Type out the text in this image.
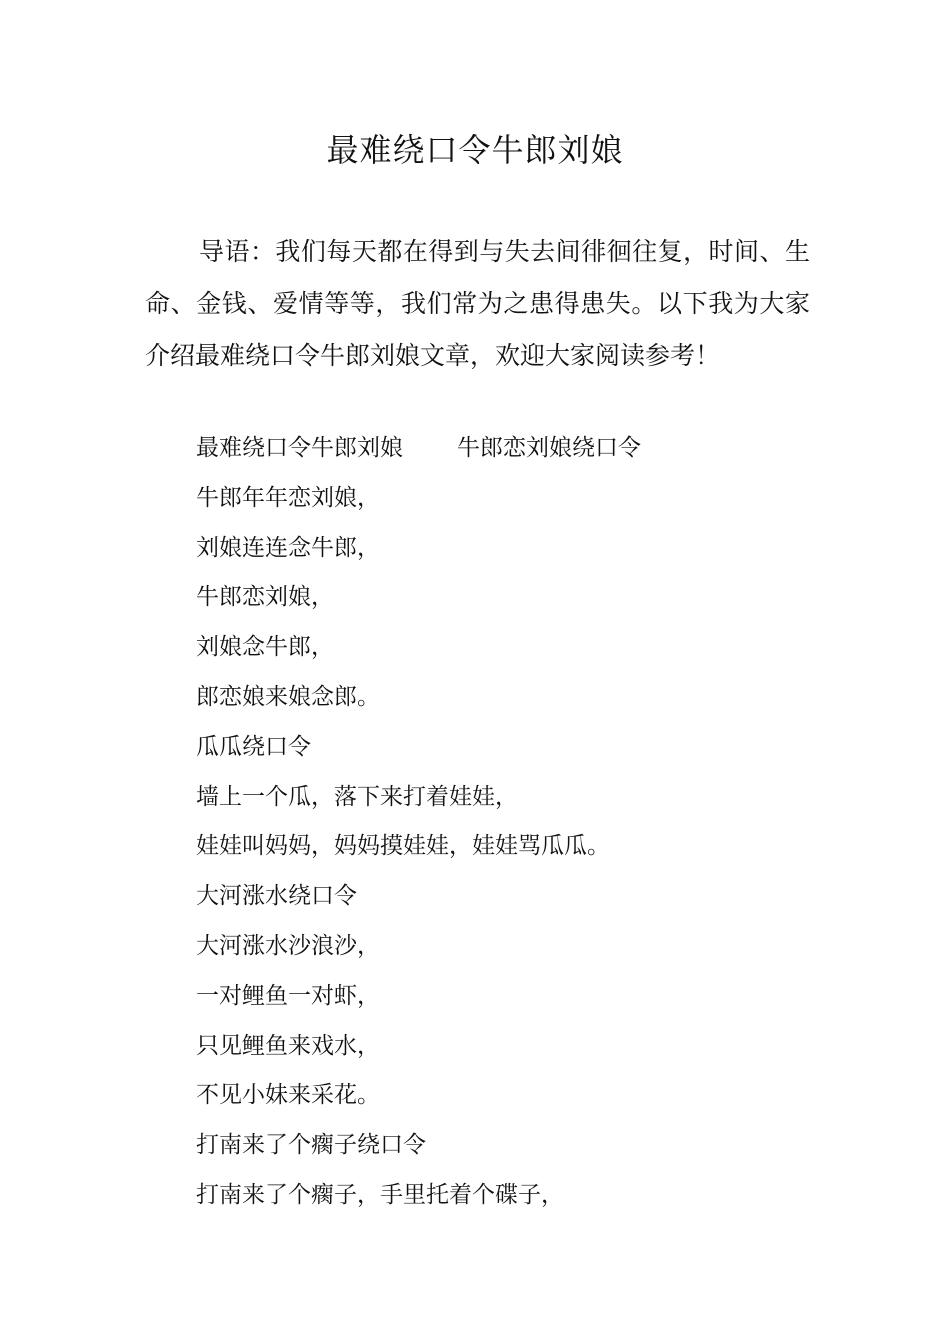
最难绕口令牛郎刘娘
导语：我们每天都在得到与失去间徘徊往复，时间、生命、金钱、爱情等等，我们常为之患得患失。以下我为大家介绍最难绕口令牛郎刘娘文章，欢迎大家阅读参考！
最难绕口令牛郎刘娘 牛郎恋刘娘绕口令
牛郎年年恋刘娘，
刘娘连连念牛郎，
牛郎恋刘娘，
刘娘念牛郎，
郎恋娘来娘念郎。
瓜瓜绕口令
墙上一个瓜，落下来打着娃娃，
娃娃叫妈妈，妈妈摸娃娃，娃娃骂瓜瓜。
大河涨水绕口令
大河涨水沙浪沙，
一对鲤鱼一对虾，
只见鲤鱼来戏水，
不见小妹来采花。
打南来了个瘸子绕口令
打南来了个瘸子，手里托着个碟子，
